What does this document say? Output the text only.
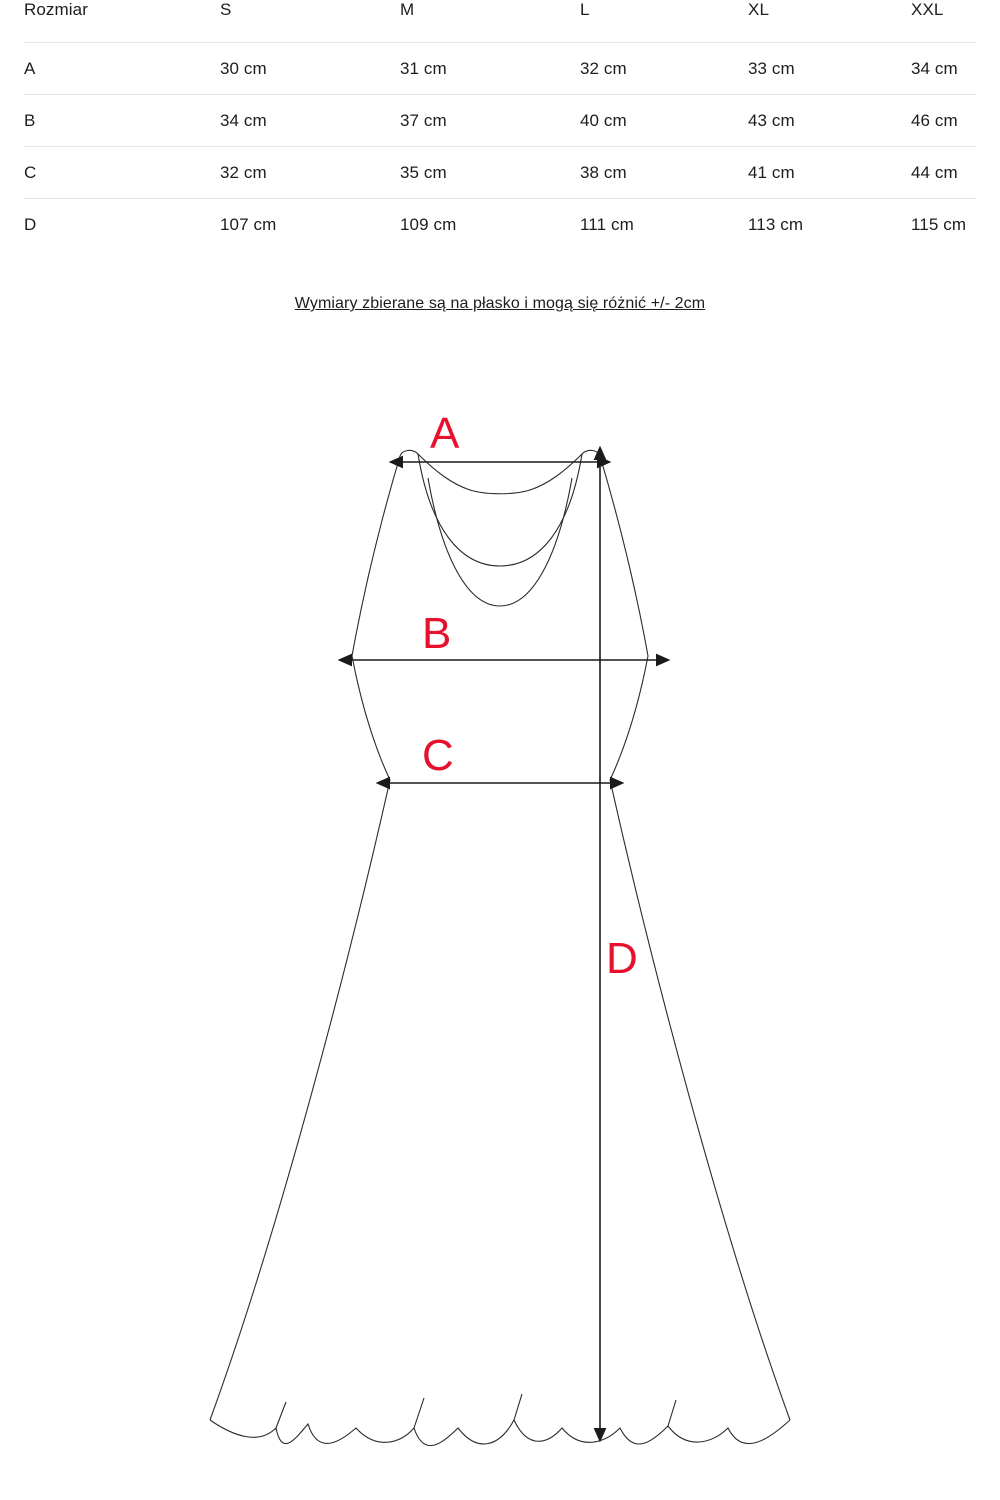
Rozmiar	S	M	L	XL	XXL
A	30 cm	31 cm	32 cm	33 cm	34 cm
B	34 cm	37 cm	40 cm	43 cm	46 cm
C	32 cm	35 cm	38 cm	41 cm	44 cm
D	107 cm	109 cm	111 cm	113 cm	115 cm
Wymiary zbierane są na płasko i mogą się różnić +/- 2cm
A
B
C
D
